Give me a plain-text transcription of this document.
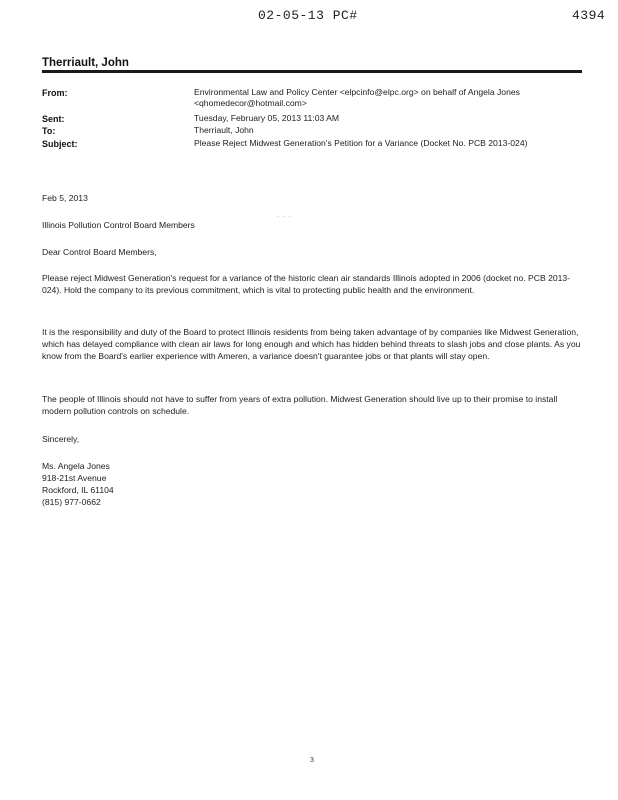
02-05-13 PC#	4394
Therriault, John
From:	Environmental Law and Policy Center <elpcinfo@elpc.org> on behalf of Angela Jones
<qhomedecor@hotmail.com>
Sent:	Tuesday, February 05, 2013 11:03 AM
To:	Therriault, John
Subject:	Please Reject Midwest Generation's Petition for a Variance (Docket No. PCB 2013-024)
Feb 5, 2013
. . .
Illinois Pollution Control Board Members
Dear Control Board Members,
Please reject Midwest Generation's request for a variance of the historic clean air standards Illinois adopted in 2006 (docket no. PCB 2013-024). Hold the company to its previous commitment, which is vital to protecting public health and the environment.
It is the responsibility and duty of the Board to protect Illinois residents from being taken advantage of by companies like Midwest Generation, which has delayed compliance with clean air laws for long enough and which has hidden behind threats to slash jobs and close plants. As you know from the Board's earlier experience with Ameren, a variance doesn't guarantee jobs or that plants will stay open.
The people of Illinois should not have to suffer from years of extra pollution. Midwest Generation should live up to their promise to install modern pollution controls on schedule.
Sincerely,
Ms. Angela Jones
918-21st Avenue
Rockford, IL 61104
(815) 977-0662
3
